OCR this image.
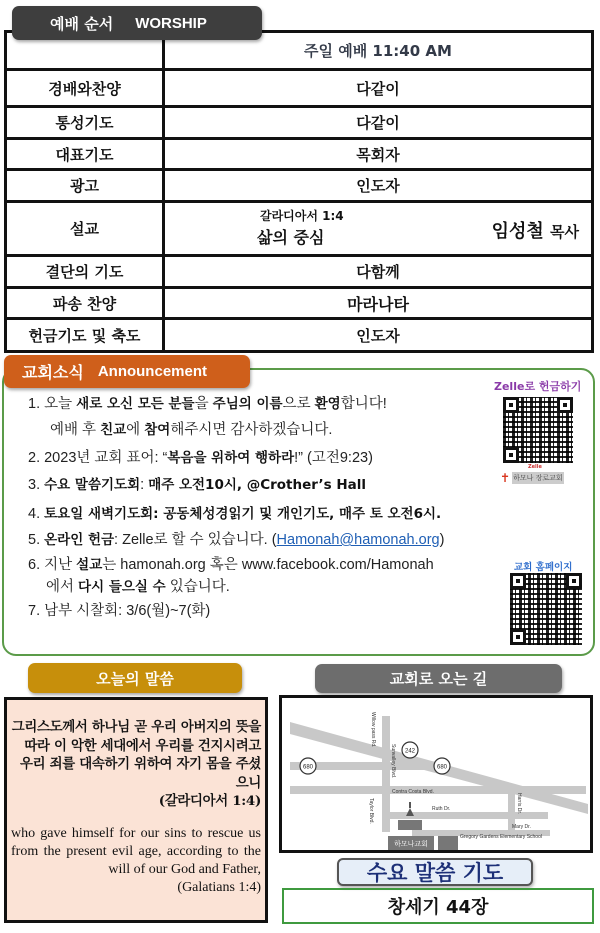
예배 순서 WORSHIP
	주일 예배 11:40 AM
경배와찬양	다같이
통성기도	다같이
대표기도	목회자
광고	인도자
설교	갈라디아서 1:4
삶의 중심 임성철 목사

결단의 기도	다함께
파송 찬양	마라나타
헌금기도 및 축도	인도자
교회소식 Announcement
1. 오늘 새로 오신 모든 분들을 주님의 이름으로 환영합니다!
예배 후 친교에 참여해주시면 감사하겠습니다.
2. 2023년 교회 표어: “복음을 위하여 행하라!” (고전9:23)
3. 수요 말씀기도회: 매주 오전10시, @Crother’s Hall
4. 토요일 새벽기도회: 공동체성경읽기 및 개인기도, 매주 토 오전6시.
5. 온라인 헌금: Zelle로 할 수 있습니다. (Hamonah@hamonah.org)
6. 지난 설교는 hamonah.org 혹은 www.facebook.com/Hamonah
에서 다시 들으실 수 있습니다.
7. 남부 시찰회: 3/6(월)~7(화)
Zelle로 헌금하기
Zelle
✝ 하모나 장로교회
교회 홈페이지
오늘의 말씀
그리스도께서 하나님 곧 우리 아버지의 뜻을 따라 이 악한 세대에서 우리를 건지시려고 우리 죄를 대속하기 위하여 자기 몸을 주셨으니
(갈라디아서 1:4)
who gave himself for our sins to rescue us from the present evil age, according to the will of our God and Father,
(Galatians 1:4)
교회로 오는 길
Willow pass Rd.
Sunvalley Blvd.
Contra Costa Blvd.
Taylor Blvd.	Ruth Dr.	Harris Dr.
Mary Dr.
680
242
680
하모나교회
Gregory Gardens Elementary School
수요 말씀 기도
창세기 44장
